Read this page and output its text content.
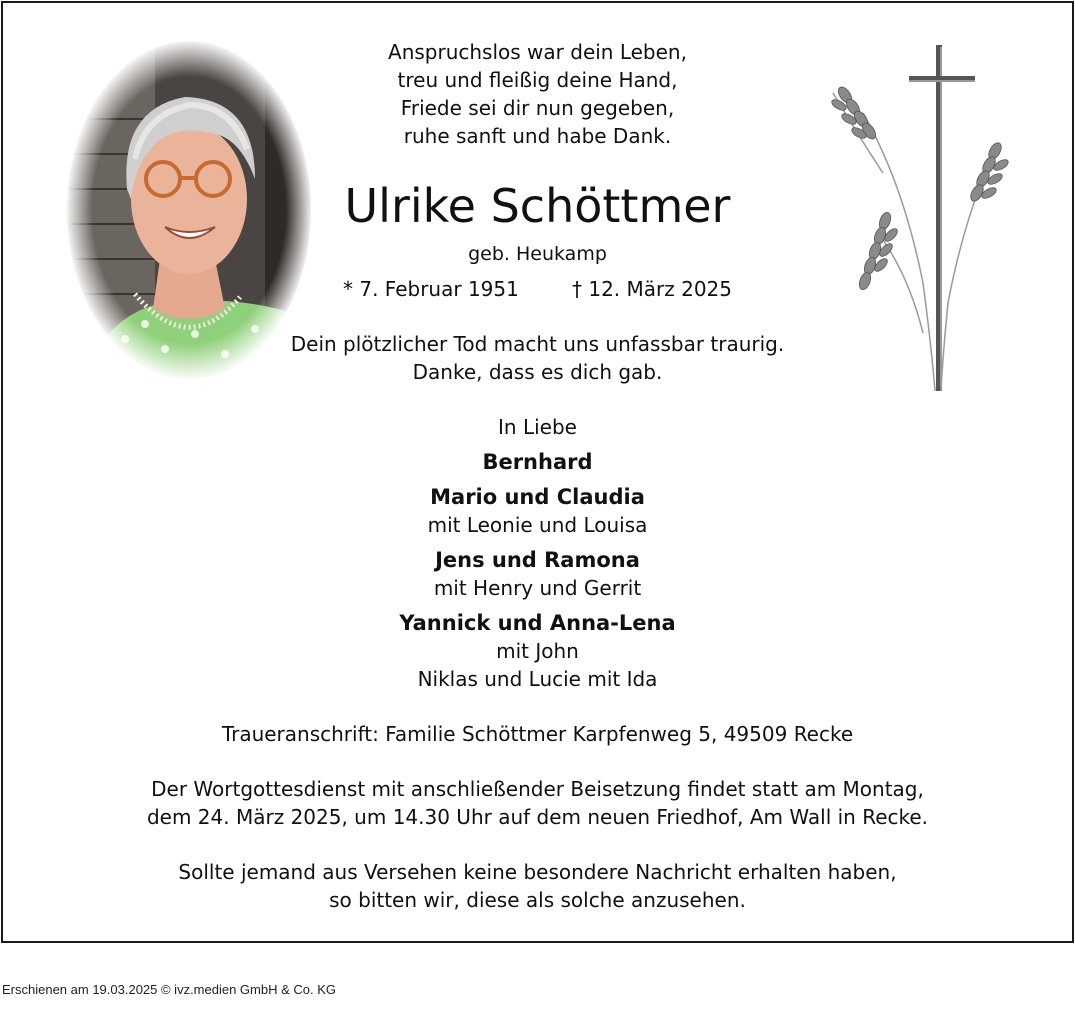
Anspruchslos war dein Leben,
treu und fleißig deine Hand,
Friede sei dir nun gegeben,
ruhe sanft und habe Dank.
Ulrike Schöttmer
geb. Heukamp
* 7. Februar 1951	† 12. März 2025
Dein plötzlicher Tod macht uns unfassbar traurig.
Danke, dass es dich gab.
In Liebe
Bernhard
Mario und Claudia
mit Leonie und Louisa
Jens und Ramona
mit Henry und Gerrit
Yannick und Anna-Lena
mit John
Niklas und Lucie mit Ida
Traueranschrift: Familie Schöttmer Karpfenweg 5, 49509 Recke
Der Wortgottesdienst mit anschließender Beisetzung findet statt am Montag,
dem 24. März 2025, um 14.30 Uhr auf dem neuen Friedhof, Am Wall in Recke.
Sollte jemand aus Versehen keine besondere Nachricht erhalten haben,
so bitten wir, diese als solche anzusehen.
Erschienen am 19.03.2025 © ivz.medien GmbH & Co. KG
